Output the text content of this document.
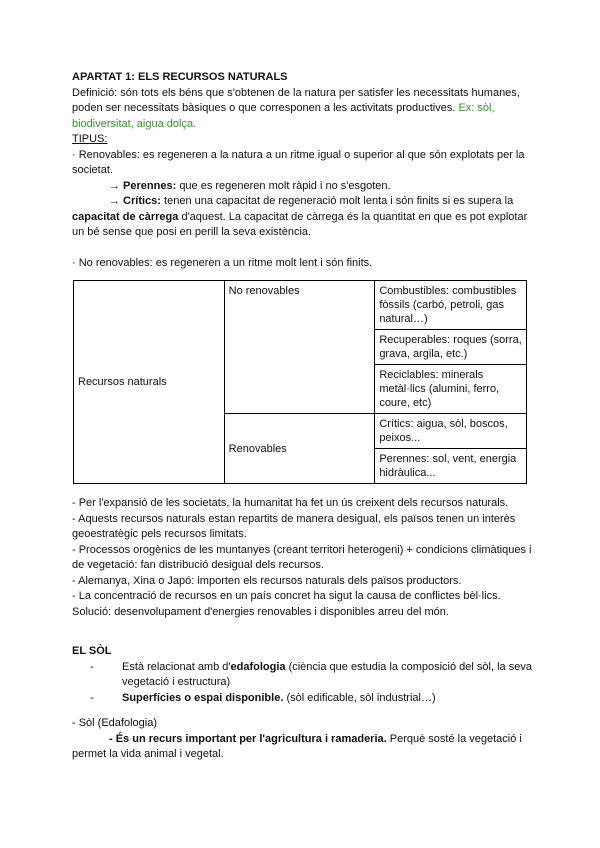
APARTAT 1: ELS RECURSOS NATURALS

Definició: són tots els béns que s'obtenen de la natura per satisfer les necessitats humanes, poden ser necessitats bàsiques o que corresponen a les activitats productives. Ex: sòl, biodiversitat, aigua dolça.

TIPUS:

· Renovables: es regeneren a la natura a un ritme igual o superior al que són explotats per la societat.

→ Perennes: que es regeneren molt ràpid i no s'esgoten.

→ Crítics: tenen una capacitat de regeneració molt lenta i són finits si es supera la capacitat de càrrega d'aquest. La capacitat de càrrega és la quantitat en que es pot explotar un bé sense que posi en perill la seva existència.

· No renovables: es regeneren a un ritme molt lent i són finits.

Recursos naturals	No renovables	Combustibles: combustibles fòssils (carbó, petroli, gas natural…)
		Recuperables: roques (sorra, grava, argila, etc.)
		Reciclables: minerals metàl·lics (alumini, ferro, coure, etc)
	Renovables	Crítics: aigua, sòl, boscos, peixos...
		Perennes: sol, vent, energia hidràulica...

- Per l'expansió de les societats, la humanitat ha fet un ús creixent dels recursos naturals.

- Aquests recursos naturals estan repartits de manera desigual, els països tenen un interès geoestratègic pels recursos limitats.

- Processos orogènics de les muntanyes (creant territori heterogeni) + condicions climàtiques i de vegetació: fan distribució desigual dels recursos.

- Alemanya, Xina o Japó: importen els recursos naturals dels països productors.

- La concentració de recursos en un país concret ha sigut la causa de conflictes bèl·lics.

Solució: desenvolupament d'energies renovables i disponibles arreu del món.

EL SÒL

-	Està relacionat amb d'edafologia (ciència que estudia la composició del sòl, la seva vegetació i estructura)
-	Superfícies o espai disponible. (sòl edificable, sòl industrial…)

- Sòl (Edafologia)

- És un recurs important per l'agricultura i ramaderia. Perquè sosté la vegetació i permet la vida animal i vegetal.
